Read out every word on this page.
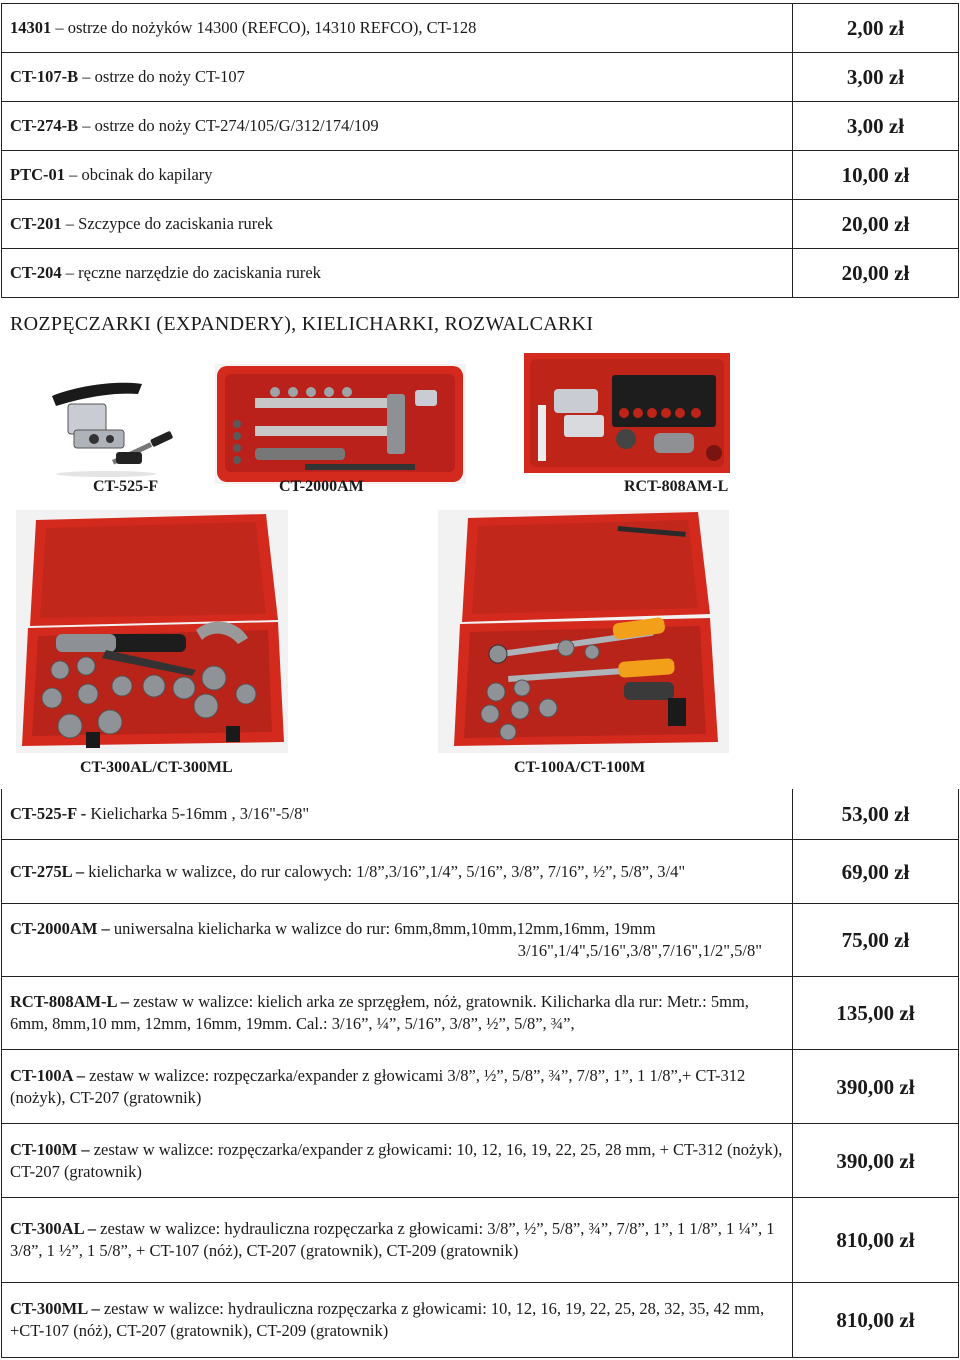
14301 – ostrze do nożyków 14300 (REFCO), 14310 REFCO), CT-128	2,00 zł
CT-107-B – ostrze do noży CT-107	3,00 zł
CT-274-B – ostrze do noży CT-274/105/G/312/174/109	3,00 zł
PTC-01 – obcinak do kapilary	10,00 zł
CT-201 – Szczypce do zaciskania rurek	20,00 zł
CT-204 – ręczne narzędzie do zaciskania rurek	20,00 zł
ROZPĘCZARKI (EXPANDERY), KIELICHARKI, ROZWALCARKI
CT-525-F	CT-2000AM	RCT-808AM-L
CT-300AL/CT-300ML	CT-100A/CT-100M
CT-525-F - Kielicharka 5-16mm , 3/16"-5/8"	53,00 zł
CT-275L – kielicharka w walizce, do rur calowych: 1/8”,3/16”,1/4”, 5/16”, 3/8”, 7/16”, ½”, 5/8”, 3/4"	69,00 zł
CT-2000AM – uniwersalna kielicharka w walizce do rur: 6mm,8mm,10mm,12mm,16mm, 19mm
3/16",1/4",5/16",3/8",7/16",1/2",5/8"	75,00 zł
RCT-808AM-L – zestaw w walizce: kielich arka ze sprzęgłem, nóż, gratownik. Kilicharka dla rur: Metr.: 5mm, 6mm, 8mm,10 mm, 12mm, 16mm, 19mm. Cal.: 3/16”, ¼”, 5/16”, 3/8”, ½”, 5/8”, ¾”,	135,00 zł
CT-100A – zestaw w walizce: rozpęczarka/expander z głowicami 3/8”, ½”, 5/8”, ¾”, 7/8”, 1”, 1 1/8”,+ CT-312 (nożyk), CT-207 (gratownik)	390,00 zł
CT-100M – zestaw w walizce: rozpęczarka/expander z głowicami: 10, 12, 16, 19, 22, 25, 28 mm, + CT-312 (nożyk), CT-207 (gratownik)	390,00 zł
CT-300AL – zestaw w walizce: hydrauliczna rozpęczarka z głowicami: 3/8”, ½”, 5/8”, ¾”, 7/8”, 1”, 1 1/8”, 1 ¼”, 1 3/8”, 1 ½”, 1 5/8”, + CT-107 (nóż), CT-207 (gratownik), CT-209 (gratownik)	810,00 zł
CT-300ML – zestaw w walizce: hydrauliczna rozpęczarka z głowicami: 10, 12, 16, 19, 22, 25, 28, 32, 35, 42 mm, +CT-107 (nóż), CT-207 (gratownik), CT-209 (gratownik)	810,00 zł
